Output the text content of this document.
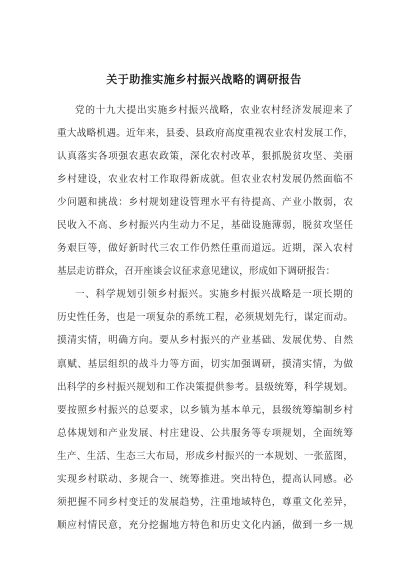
关于助推实施乡村振兴战略的调研报告
党的十九大提出实施乡村振兴战略，农业农村经济发展迎来了
重大战略机遇。近年来，县委、县政府高度重视农业农村发展工作，
认真落实各项强农惠农政策，深化农村改革，狠抓脱贫攻坚、美丽
乡村建设，农业农村工作取得新成就。但农业农村发展仍然面临不
少问题和挑战：乡村规划建设管理水平有待提高、产业小散弱，农
民收入不高、乡村振兴内生动力不足，基础设施薄弱，脱贫攻坚任
务艰巨等，做好新时代三农工作仍然任重而道远。近期，深入农村
基层走访群众，召开座谈会议征求意见建议，形成如下调研报告：
一、科学规划引领乡村振兴。实施乡村振兴战略是一项长期的
历史性任务，也是一项复杂的系统工程，必须规划先行，谋定而动。
摸清实情，明确方向。要从乡村振兴的产业基础、发展优势、自然
禀赋、基层组织的战斗力等方面，切实加强调研，摸清实情，为做
出科学的乡村振兴规划和工作决策提供参考。县级统筹，科学规划。
要按照乡村振兴的总要求，以乡镇为基本单元，县级统筹编制乡村
总体规划和产业发展、村庄建设、公共服务等专项规划，全面统筹
生产、生活、生态三大布局，形成乡村振兴的一本规划、一张蓝图，
实现乡村联动、多规合一、统筹推进。突出特色，提高认同感。必
须把握不同乡村变迁的发展趋势，注重地域特色，尊重文化差异，
顺应村情民意，充分挖掘地方特色和历史文化内涵，做到一乡一规
